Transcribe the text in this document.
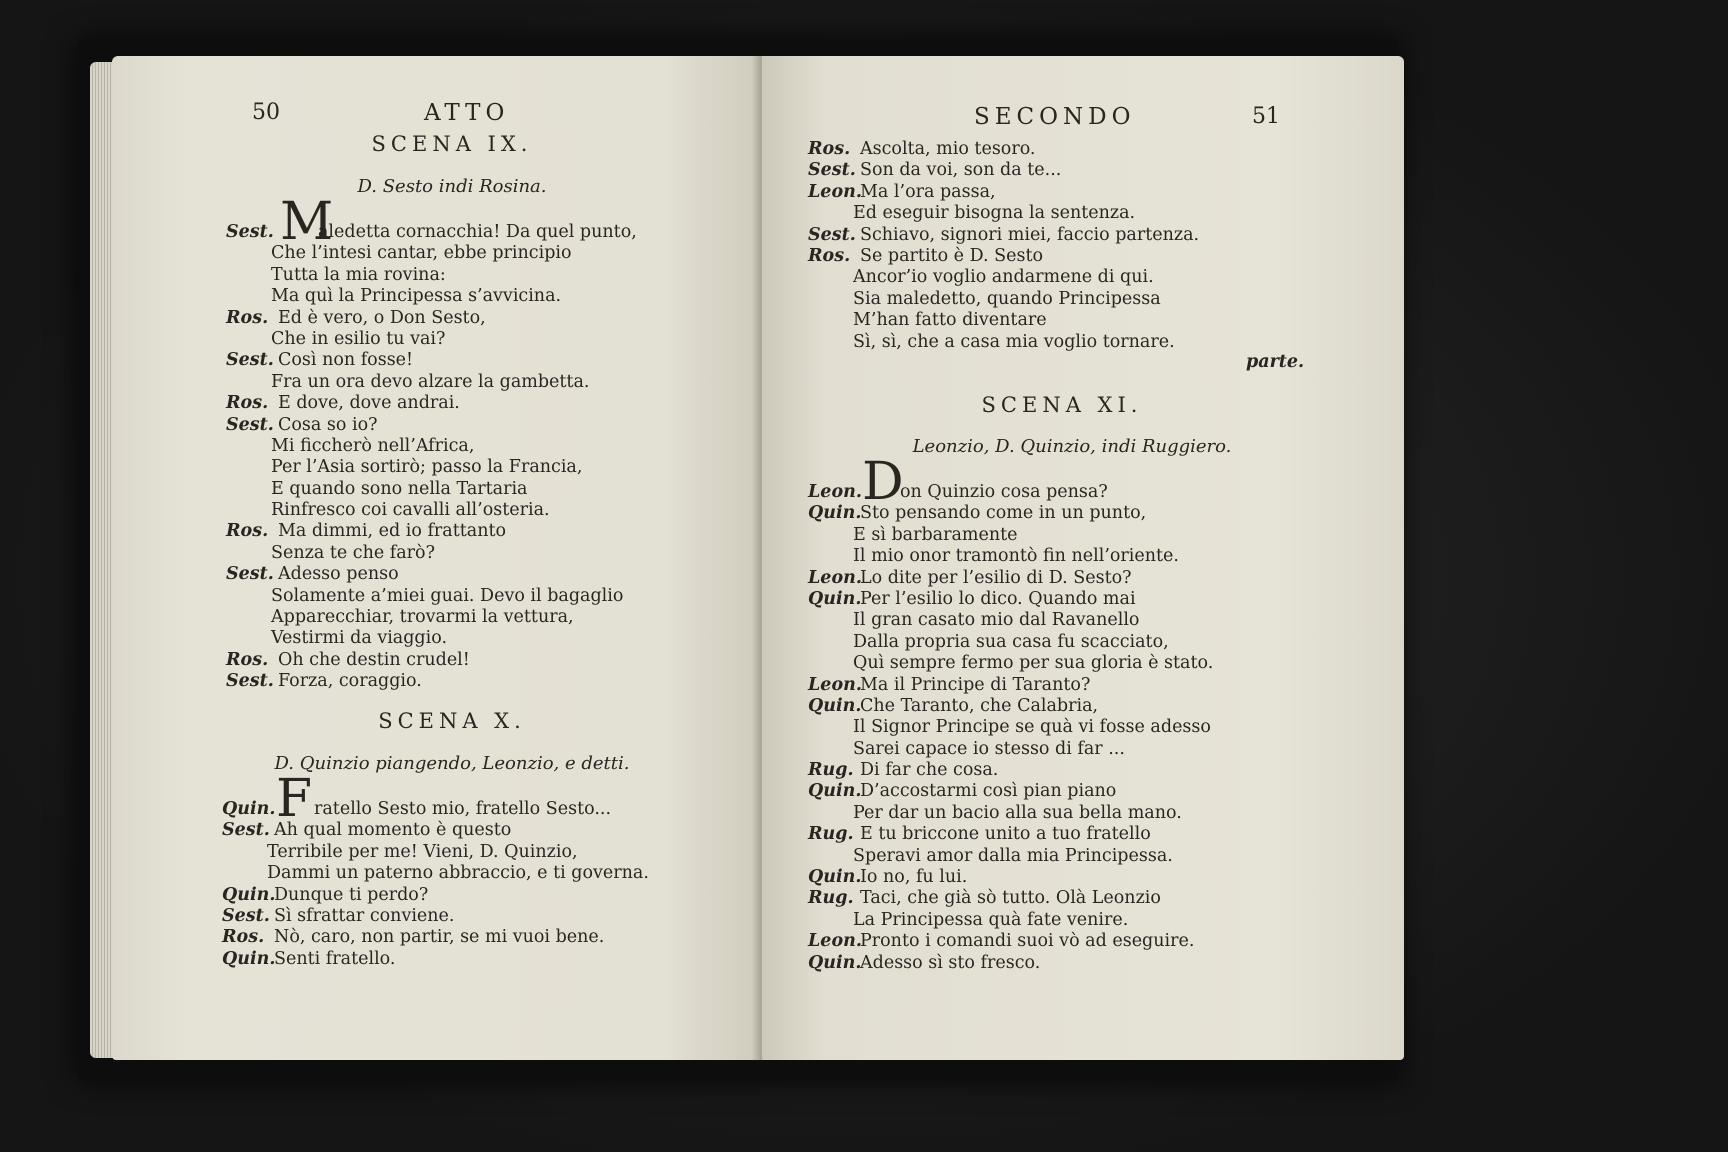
50	ATTO
SCENA IX.
D. Sesto indi Rosina.
Sest. M
aledetta cornacchia! Da quel punto,
Che l’intesi cantar, ebbe principio
Tutta la mia rovina:
Ma quì la Principessa s’avvicina.
Ros. Ed è vero, o Don Sesto,
Che in esilio tu vai?
Sest. Così non fosse!
Fra un ora devo alzare la gambetta.
Ros. E dove, dove andrai.
Sest. Cosa so io?
Mi ficcherò nell’Africa,
Per l’Asia sortirò; passo la Francia,
E quando sono nella Tartaria
Rinfresco coi cavalli all’osteria.
Ros. Ma dimmi, ed io frattanto
Senza te che farò?
Sest. Adesso penso
Solamente a’miei guai. Devo il bagaglio
Apparecchiar, trovarmi la vettura,
Vestirmi da viaggio.
Ros. Oh che destin crudel!
Sest. Forza, coraggio.
SCENA X.
D. Quinzio piangendo, Leonzio, e detti.
Quin. F ratello Sesto mio, fratello Sesto...
Sest. Ah qual momento è questo
Terribile per me! Vieni, D. Quinzio,
Dammi un paterno abbraccio, e ti governa.
Quin.Dunque ti perdo?
Sest. Sì sfrattar conviene.
Ros. Nò, caro, non partir, se mi vuoi bene.
Quin.Senti fratello.
SECONDO	51
Ros. Ascolta, mio tesoro.
Sest. Son da voi, son da te...
Leon.Ma l’ora passa,
Ed eseguir bisogna la sentenza.
Sest. Schiavo, signori miei, faccio partenza.
Ros. Se partito è D. Sesto
Ancor’io voglio andarmene di qui.
Sia maledetto, quando Principessa
M’han fatto diventare
Sì, sì, che a casa mia voglio tornare.
parte.
SCENA XI.
Leonzio, D. Quinzio, indi Ruggiero.
Leon. D
on Quinzio cosa pensa?
Quin.Sto pensando come in un punto,
E sì barbaramente
Il mio onor tramontò fin nell’oriente.
Leon.Lo dite per l’esilio di D. Sesto?
Quin.Per l’esilio lo dico. Quando mai
Il gran casato mio dal Ravanello
Dalla propria sua casa fu scacciato,
Quì sempre fermo per sua gloria è stato.
Leon.Ma il Principe di Taranto?
Quin.Che Taranto, che Calabria,
Il Signor Principe se quà vi fosse adesso
Sarei capace io stesso di far ...
Rug. Di far che cosa.
Quin.D’accostarmi così pian piano
Per dar un bacio alla sua bella mano.
Rug. E tu briccone unito a tuo fratello
Speravi amor dalla mia Principessa.
Quin.Io no, fu lui.
Rug. Taci, che già sò tutto. Olà Leonzio
La Principessa quà fate venire.
Leon.Pronto i comandi suoi vò ad eseguire.
Quin.Adesso sì sto fresco.
